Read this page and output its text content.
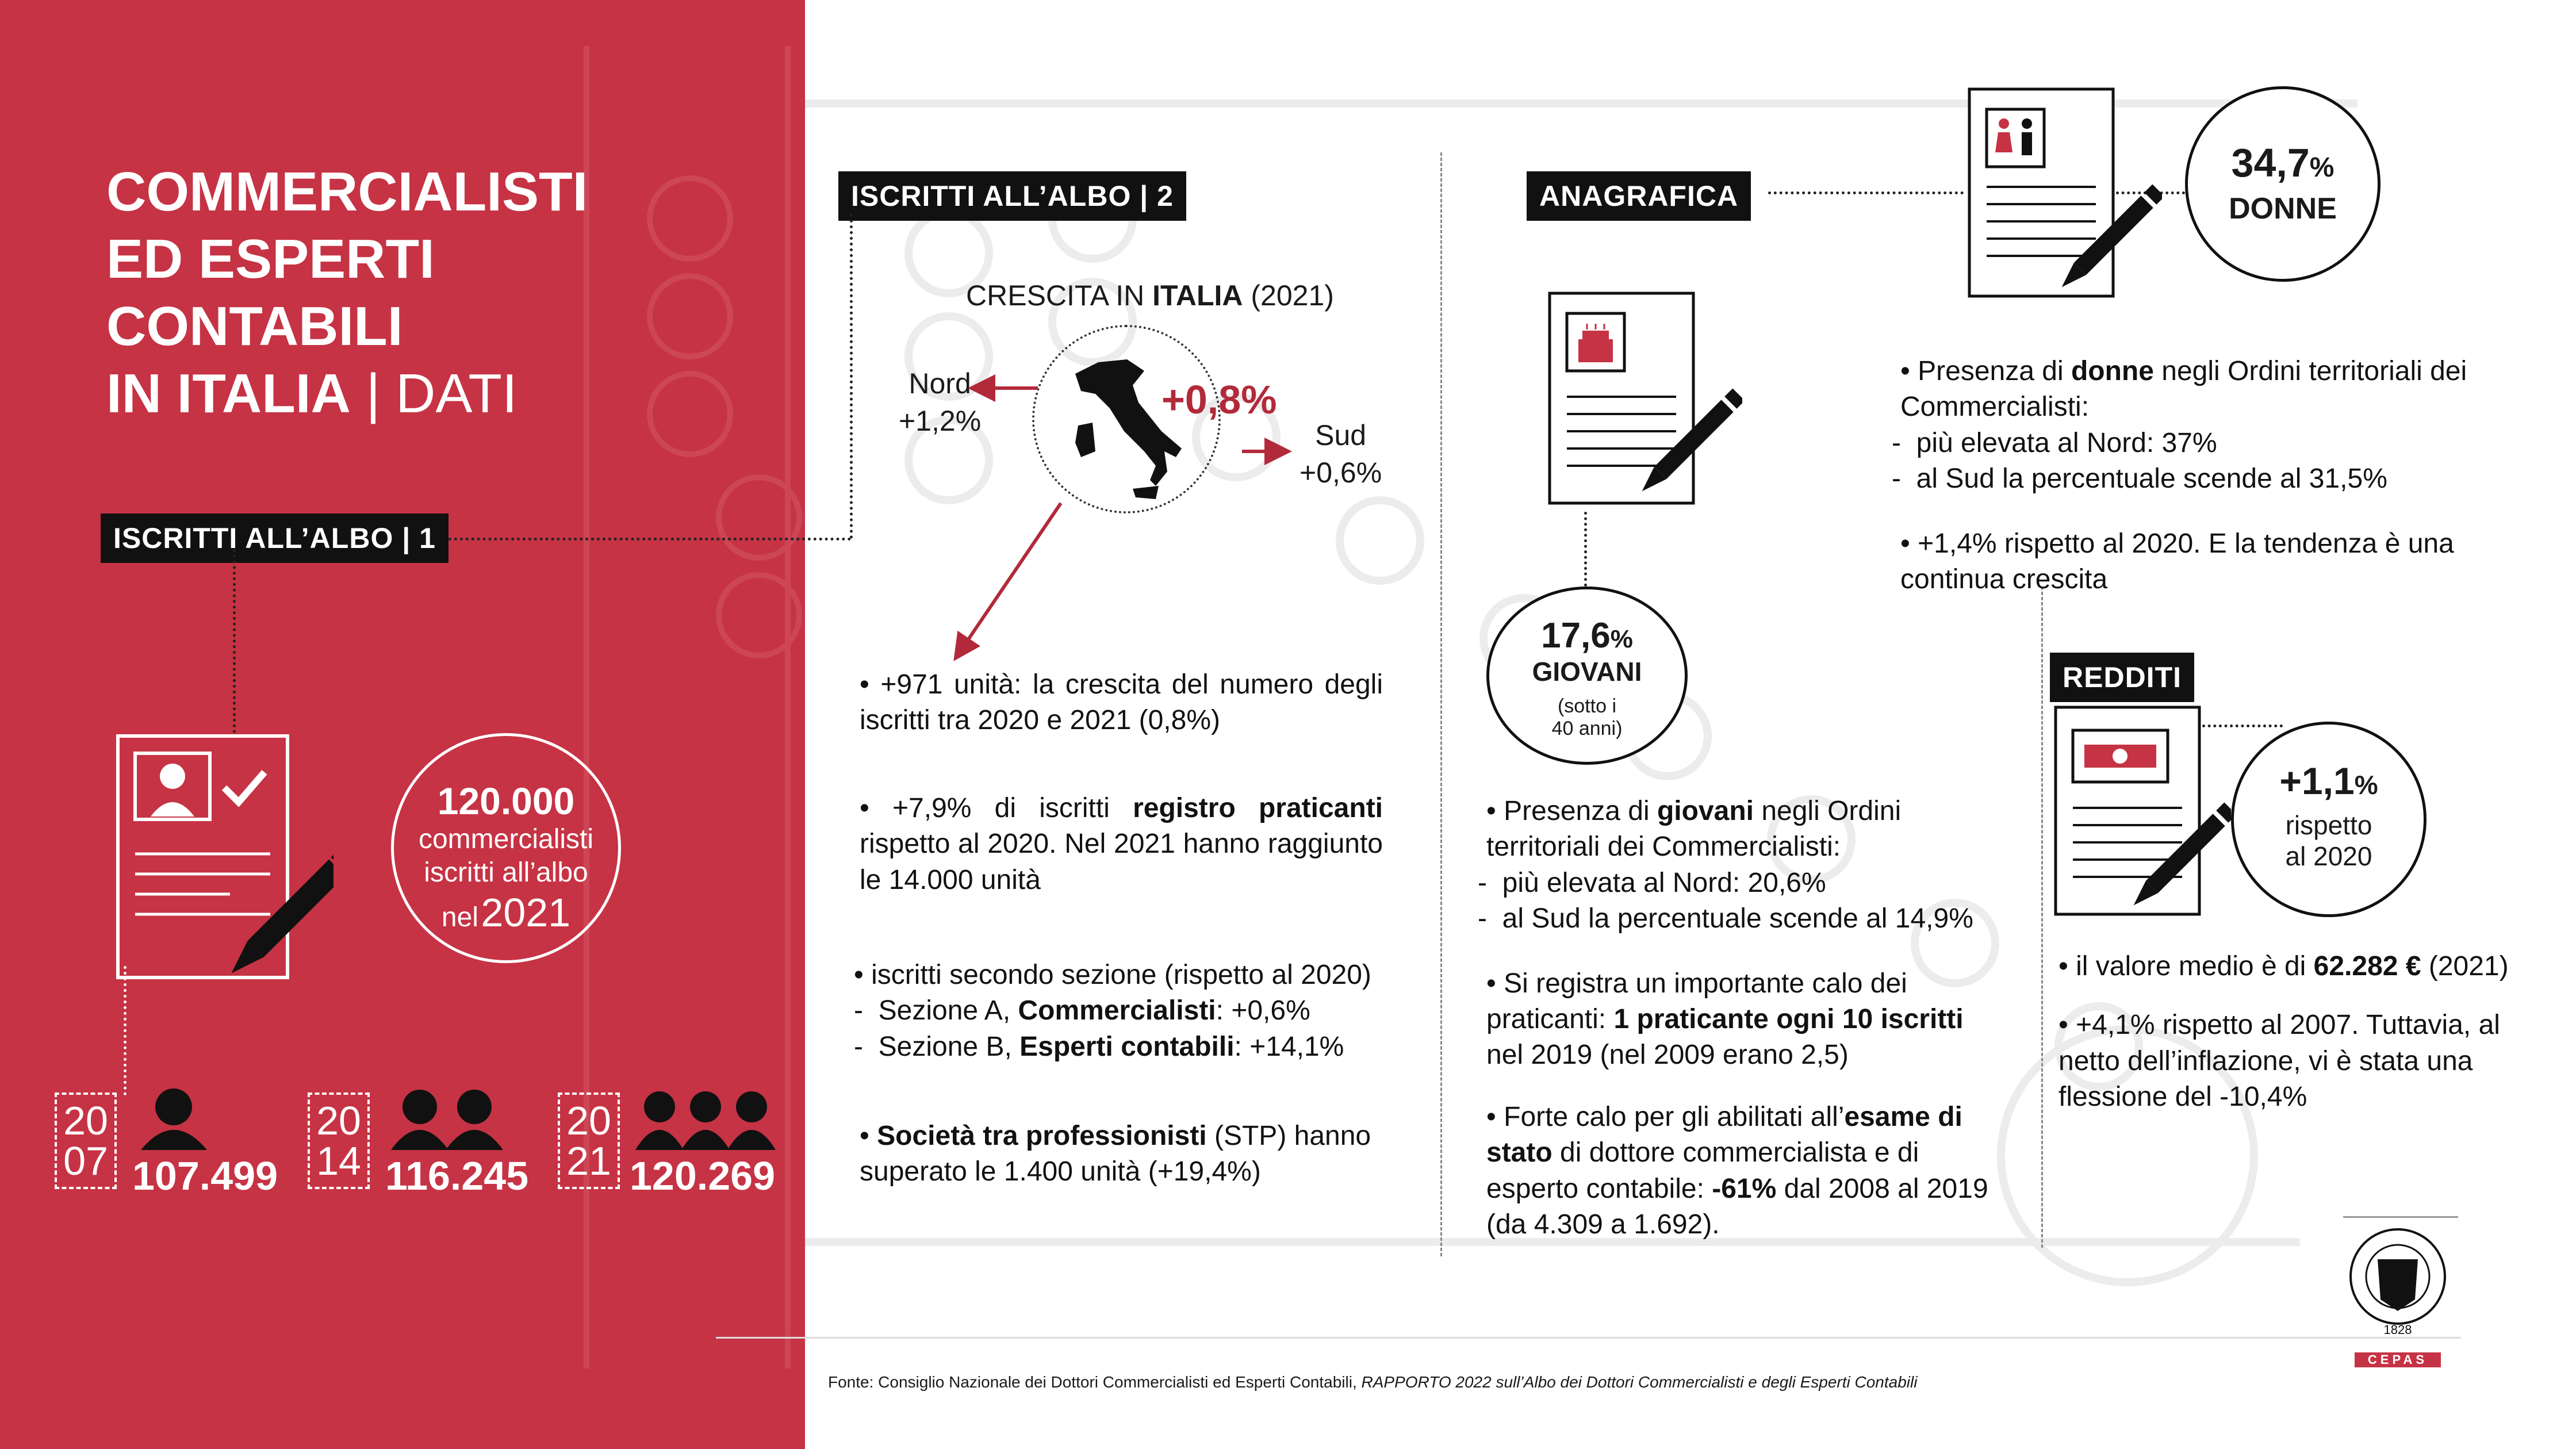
COMMERCIALISTI
ED ESPERTI
CONTABILI
IN ITALIA | DATI
ISCRITTI ALL’ALBO | 1
120.000
commercialisti
iscritti all’albo
nel 2021
20
07 107.499
20
14 116.245
20
21 120.269
ISCRITTI ALL’ALBO | 2
CRESCITA IN ITALIA (2021)
+0,8%
Nord
+1,2%	Sud
+0,6%
• +971 unità: la crescita del numero degli iscritti tra 2020 e 2021 (0,8%)
• +7,9% di iscritti registro praticanti rispetto al 2020. Nel 2021 hanno raggiunto le 14.000 unità
• iscritti secondo sezione (rispetto al 2020)
-  Sezione A, Commercialisti: +0,6%
-  Sezione B, Esperti contabili: +14,1%
• Società tra professionisti (STP) hanno superato le 1.400 unità (+19,4%)
ANAGRAFICA
34,7%
DONNE
17,6%
GIOVANI
(sotto i
40 anni)
• Presenza di donne negli Ordini territoriali dei Commercialisti:
-  più elevata al Nord: 37%
-  al Sud la percentuale scende al 31,5%
• +1,4% rispetto al 2020. E la tendenza è una continua crescita
• Presenza di giovani negli Ordini territoriali dei Commercialisti:
-  più elevata al Nord: 20,6%
-  al Sud la percentuale scende al 14,9%
• Si registra un importante calo dei praticanti: 1 praticante ogni 10 iscritti nel 2019 (nel 2009 erano 2,5)
• Forte calo per gli abilitati all’esame di stato di dottore commercialista e di esperto contabile: -61% dal 2008 al 2019 (da 4.309 a 1.692).
REDDITI
+1,1%
rispetto
al 2020
• il valore medio è di 62.282 € (2021)
• +4,1% rispetto al 2007. Tuttavia, al netto dell’inflazione, vi è stata una flessione del -10,4%
1828
CEPAS
Fonte: Consiglio Nazionale dei Dottori Commercialisti ed Esperti Contabili, RAPPORTO 2022 sull’Albo dei Dottori Commercialisti e degli Esperti Contabili
